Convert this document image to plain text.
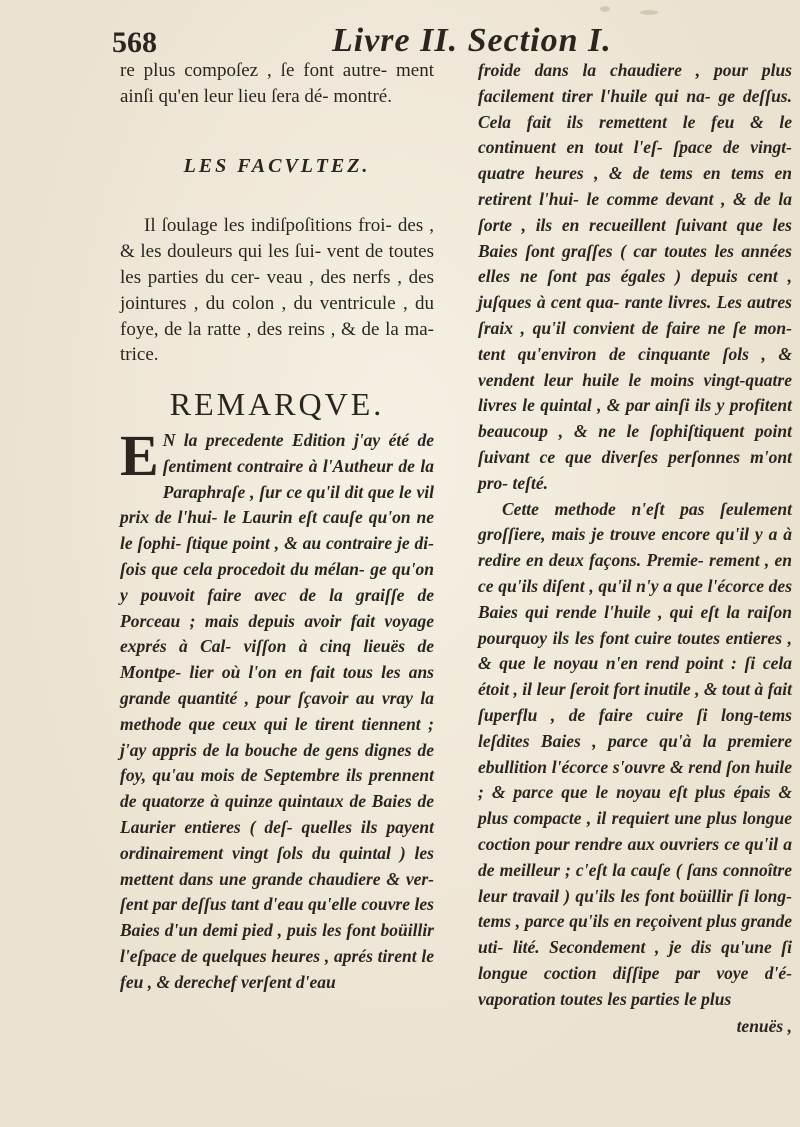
568	Livre II. Section I.

re plus compoſez , ſe font autre- ment ainſi qu'en leur lieu ſera dé- montré.

LES FACVLTEZ.

Il ſoulage les indiſpoſitions froi- des , & les douleurs qui les ſui- vent de toutes les parties du cer- veau , des nerfs , des jointures , du colon , du ventricule , du foye, de la ratte , des reins , & de la ma- trice.

REMARQVE.

E N la precedente Edition j'ay été de ſentiment contraire à l'Autheur de la Paraphraſe , ſur ce qu'il dit que le vil prix de l'hui- le Laurin eſt cauſe qu'on ne le ſophi- ſtique point , & au contraire je di- ſois que cela procedoit du mélan- ge qu'on y pouvoit faire avec de la graiſſe de Porceau ; mais depuis avoir fait voyage exprés à Cal- viſſon à cinq lieuës de Montpe- lier où l'on en fait tous les ans grande quantité , pour ſçavoir au vray la methode que ceux qui le tirent tiennent ; j'ay appris de la bouche de gens dignes de foy, qu'au mois de Septembre ils prennent de quatorze à quinze quintaux de Baies de Laurier entieres ( deſ- quelles ils payent ordinairement vingt ſols du quintal ) les mettent dans une grande chaudiere & ver- ſent par deſſus tant d'eau qu'elle couvre les Baies d'un demi pied , puis les font boüillir l'eſpace de quelques heures , aprés tirent le feu , & derechef verſent d'eau

froide dans la chaudiere , pour plus facilement tirer l'huile qui na- ge deſſus. Cela fait ils remettent le feu & le continuent en tout l'eſ- ſpace de vingt-quatre heures , & de tems en tems en retirent l'hui- le comme devant , & de la ſorte , ils en recueillent ſuivant que les Baies ſont graſſes ( car toutes les années elles ne ſont pas égales ) depuis cent , juſques à cent qua- rante livres. Les autres ſraix , qu'il convient de faire ne ſe mon- tent qu'environ de cinquante ſols , & vendent leur huile le moins vingt-quatre livres le quintal , & par ainſi ils y profitent beaucoup , & ne le ſophiſtiquent point ſuivant ce que diverſes perſonnes m'ont pro- teſté.

Cette methode n'eſt pas ſeulement groſſiere, mais je trouve encore qu'il y a à redire en deux façons. Premie- rement , en ce qu'ils diſent , qu'il n'y a que l'écorce des Baies qui rende l'huile , qui eſt la raiſon pourquoy ils les font cuire toutes entieres , & que le noyau n'en rend point : ſi cela étoit , il leur ſeroit fort inutile , & tout à fait ſuperflu , de faire cuire ſi long-tems leſdites Baies , parce qu'à la premiere ebullition l'écorce s'ouvre & rend ſon huile ; & parce que le noyau eſt plus épais & plus compacte , il requiert une plus longue coction pour rendre aux ouvriers ce qu'il a de meilleur ; c'eſt la cauſe ( ſans connoître leur travail ) qu'ils les font boüillir ſi long-tems , parce qu'ils en reçoivent plus grande uti- lité. Secondement , je dis qu'une ſi longue coction diſſipe par voye d'é- vaporation toutes les parties le plus

tenuës ,
